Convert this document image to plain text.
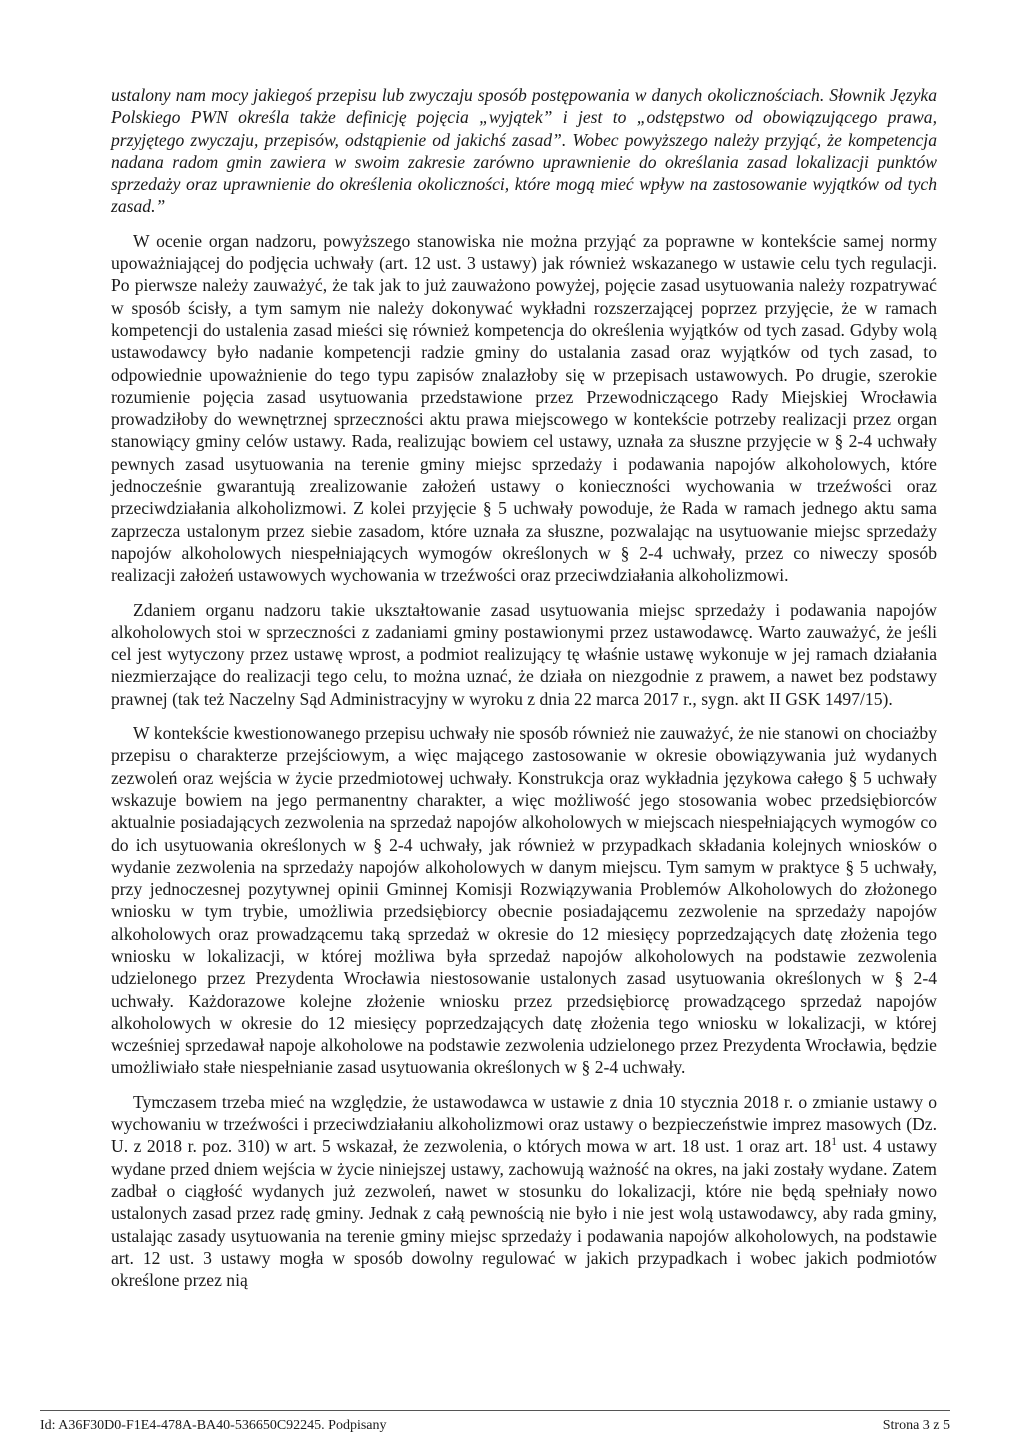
ustalony nam mocy jakiegoś przepisu lub zwyczaju sposób postępowania w danych okolicznościach. Słownik Języka Polskiego PWN określa także definicję pojęcia „wyjątek” i jest to „odstępstwo od obowiązującego prawa, przyjętego zwyczaju, przepisów, odstąpienie od jakichś zasad”. Wobec powyższego należy przyjąć, że kompetencja nadana radom gmin zawiera w swoim zakresie zarówno uprawnienie do określania zasad lokalizacji punktów sprzedaży oraz uprawnienie do określenia okoliczności, które mogą mieć wpływ na zastosowanie wyjątków od tych zasad.”

W ocenie organ nadzoru, powyższego stanowiska nie można przyjąć za poprawne w kontekście samej normy upoważniającej do podjęcia uchwały (art. 12 ust. 3 ustawy) jak również wskazanego w ustawie celu tych regulacji. Po pierwsze należy zauważyć, że tak jak to już zauważono powyżej, pojęcie zasad usytuowania należy rozpatrywać w sposób ścisły, a tym samym nie należy dokonywać wykładni rozszerzającej poprzez przyjęcie, że w ramach kompetencji do ustalenia zasad mieści się również kompetencja do określenia wyjątków od tych zasad. Gdyby wolą ustawodawcy było nadanie kompetencji radzie gminy do ustalania zasad oraz wyjątków od tych zasad, to odpowiednie upoważnienie do tego typu zapisów znalazłoby się w przepisach ustawowych. Po drugie, szerokie rozumienie pojęcia zasad usytuowania przedstawione przez Przewodniczącego Rady Miejskiej Wrocławia prowadziłoby do wewnętrznej sprzeczności aktu prawa miejscowego w kontekście potrzeby realizacji przez organ stanowiący gminy celów ustawy. Rada, realizując bowiem cel ustawy, uznała za słuszne przyjęcie w § 2-4 uchwały pewnych zasad usytuowania na terenie gminy miejsc sprzedaży i podawania napojów alkoholowych, które jednocześnie gwarantują zrealizowanie założeń ustawy o konieczności wychowania w trzeźwości oraz przeciwdziałania alkoholizmowi. Z kolei przyjęcie § 5 uchwały powoduje, że Rada w ramach jednego aktu sama zaprzecza ustalonym przez siebie zasadom, które uznała za słuszne, pozwalając na usytuowanie miejsc sprzedaży napojów alkoholowych niespełniających wymogów określonych w § 2-4 uchwały, przez co niweczy sposób realizacji założeń ustawowych wychowania w trzeźwości oraz przeciwdziałania alkoholizmowi.

Zdaniem organu nadzoru takie ukształtowanie zasad usytuowania miejsc sprzedaży i podawania napojów alkoholowych stoi w sprzeczności z zadaniami gminy postawionymi przez ustawodawcę. Warto zauważyć, że jeśli cel jest wytyczony przez ustawę wprost, a podmiot realizujący tę właśnie ustawę wykonuje w jej ramach działania niezmierzające do realizacji tego celu, to można uznać, że działa on niezgodnie z prawem, a nawet bez podstawy prawnej (tak też Naczelny Sąd Administracyjny w wyroku z dnia 22 marca 2017 r., sygn. akt II GSK 1497/15).

W kontekście kwestionowanego przepisu uchwały nie sposób również nie zauważyć, że nie stanowi on chociażby przepisu o charakterze przejściowym, a więc mającego zastosowanie w okresie obowiązywania już wydanych zezwoleń oraz wejścia w życie przedmiotowej uchwały. Konstrukcja oraz wykładnia językowa całego § 5 uchwały wskazuje bowiem na jego permanentny charakter, a więc możliwość jego stosowania wobec przedsiębiorców aktualnie posiadających zezwolenia na sprzedaż napojów alkoholowych w miejscach niespełniających wymogów co do ich usytuowania określonych w § 2-4 uchwały, jak również w przypadkach składania kolejnych wniosków o wydanie zezwolenia na sprzedaży napojów alkoholowych w danym miejscu. Tym samym w praktyce § 5 uchwały, przy jednoczesnej pozytywnej opinii Gminnej Komisji Rozwiązywania Problemów Alkoholowych do złożonego wniosku w tym trybie, umożliwia przedsiębiorcy obecnie posiadającemu zezwolenie na sprzedaży napojów alkoholowych oraz prowadzącemu taką sprzedaż w okresie do 12 miesięcy poprzedzających datę złożenia tego wniosku w lokalizacji, w której możliwa była sprzedaż napojów alkoholowych na podstawie zezwolenia udzielonego przez Prezydenta Wrocławia niestosowanie ustalonych zasad usytuowania określonych w § 2-4 uchwały. Każdorazowe kolejne złożenie wniosku przez przedsiębiorcę prowadzącego sprzedaż napojów alkoholowych w okresie do 12 miesięcy poprzedzających datę złożenia tego wniosku w lokalizacji, w której wcześniej sprzedawał napoje alkoholowe na podstawie zezwolenia udzielonego przez Prezydenta Wrocławia, będzie umożliwiało stałe niespełnianie zasad usytuowania określonych w § 2-4 uchwały.

Tymczasem trzeba mieć na względzie, że ustawodawca w ustawie z dnia 10 stycznia 2018 r. o zmianie ustawy o wychowaniu w trzeźwości i przeciwdziałaniu alkoholizmowi oraz ustawy o bezpieczeństwie imprez masowych (Dz. U. z 2018 r. poz. 310) w art. 5 wskazał, że zezwolenia, o których mowa w art. 18 ust. 1 oraz art. $18^1$ ust. 4 ustawy wydane przed dniem wejścia w życie niniejszej ustawy, zachowują ważność na okres, na jaki zostały wydane. Zatem zadbał o ciągłość wydanych już zezwoleń, nawet w stosunku do lokalizacji, które nie będą spełniały nowo ustalonych zasad przez radę gminy. Jednak z całą pewnością nie było i nie jest wolą ustawodawcy, aby rada gminy, ustalając zasady usytuowania na terenie gminy miejsc sprzedaży i podawania napojów alkoholowych, na podstawie art. 12 ust. 3 ustawy mogła w sposób dowolny regulować w jakich przypadkach i wobec jakich podmiotów określone przez nią

Id: A36F30D0-F1E4-478A-BA40-536650C92245. Podpisany	Strona 3 z 5
